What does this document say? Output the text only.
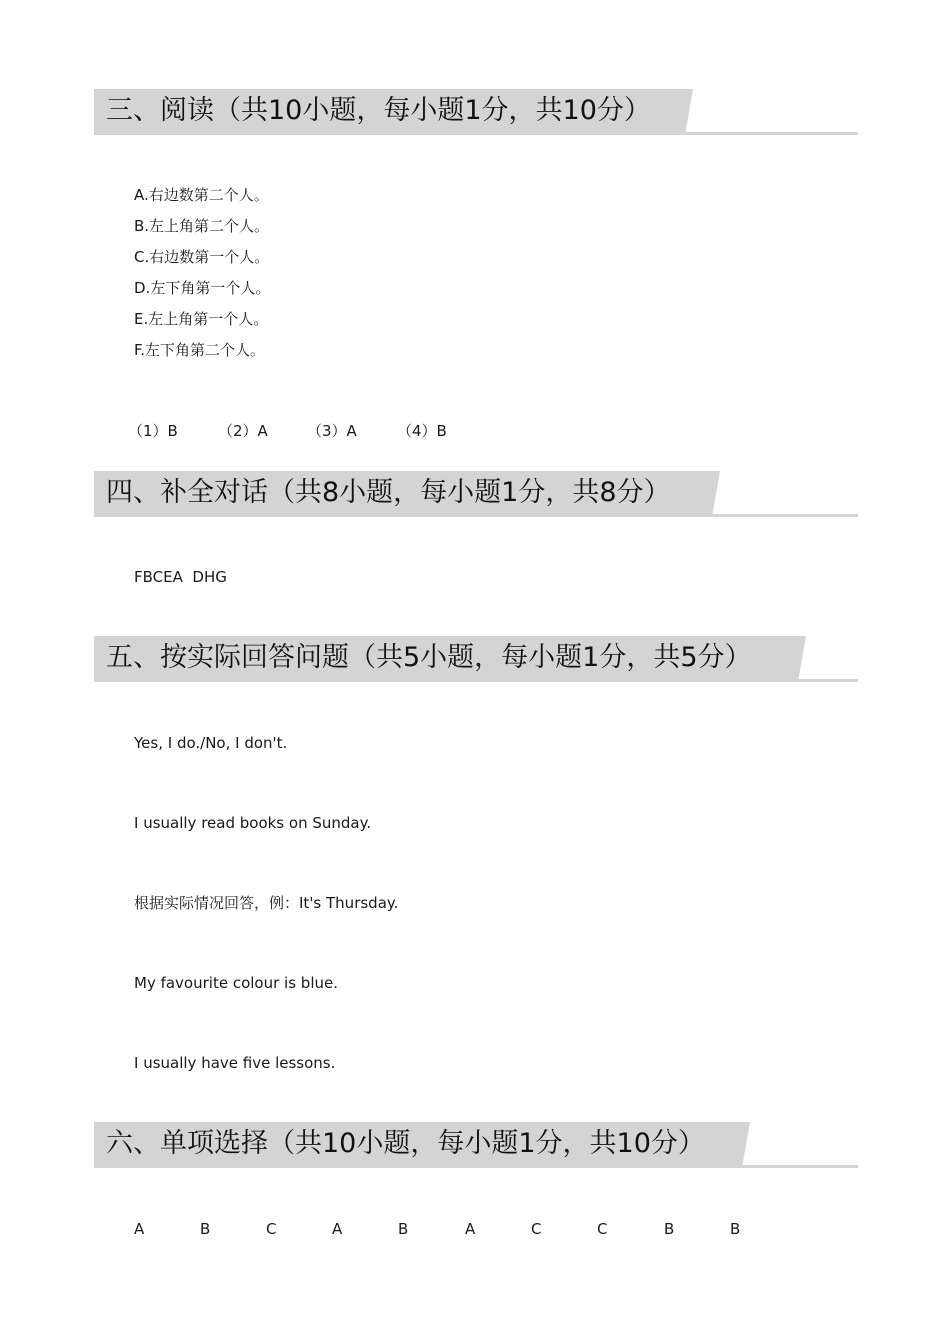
三、阅读（共10小题，每小题1分，共10分）
A.右边数第二个人。
B.左上角第二个人。
C.右边数第一个人。
D.左下角第一个人。
E.左上角第一个人。
F.左下角第二个人。
（1）B	（2）A	（3）A	（4）B
四、补全对话（共8小题，每小题1分，共8分）
FBCEA  DHG
五、按实际回答问题（共5小题，每小题1分，共5分）
Yes, I do./No, I don't.
I usually read books on Sunday.
根据实际情况回答，例：It's Thursday.
My favourite colour is blue.
I usually have five lessons.
六、单项选择（共10小题，每小题1分，共10分）
A	B	C	A	B	A	C	C	B	B
